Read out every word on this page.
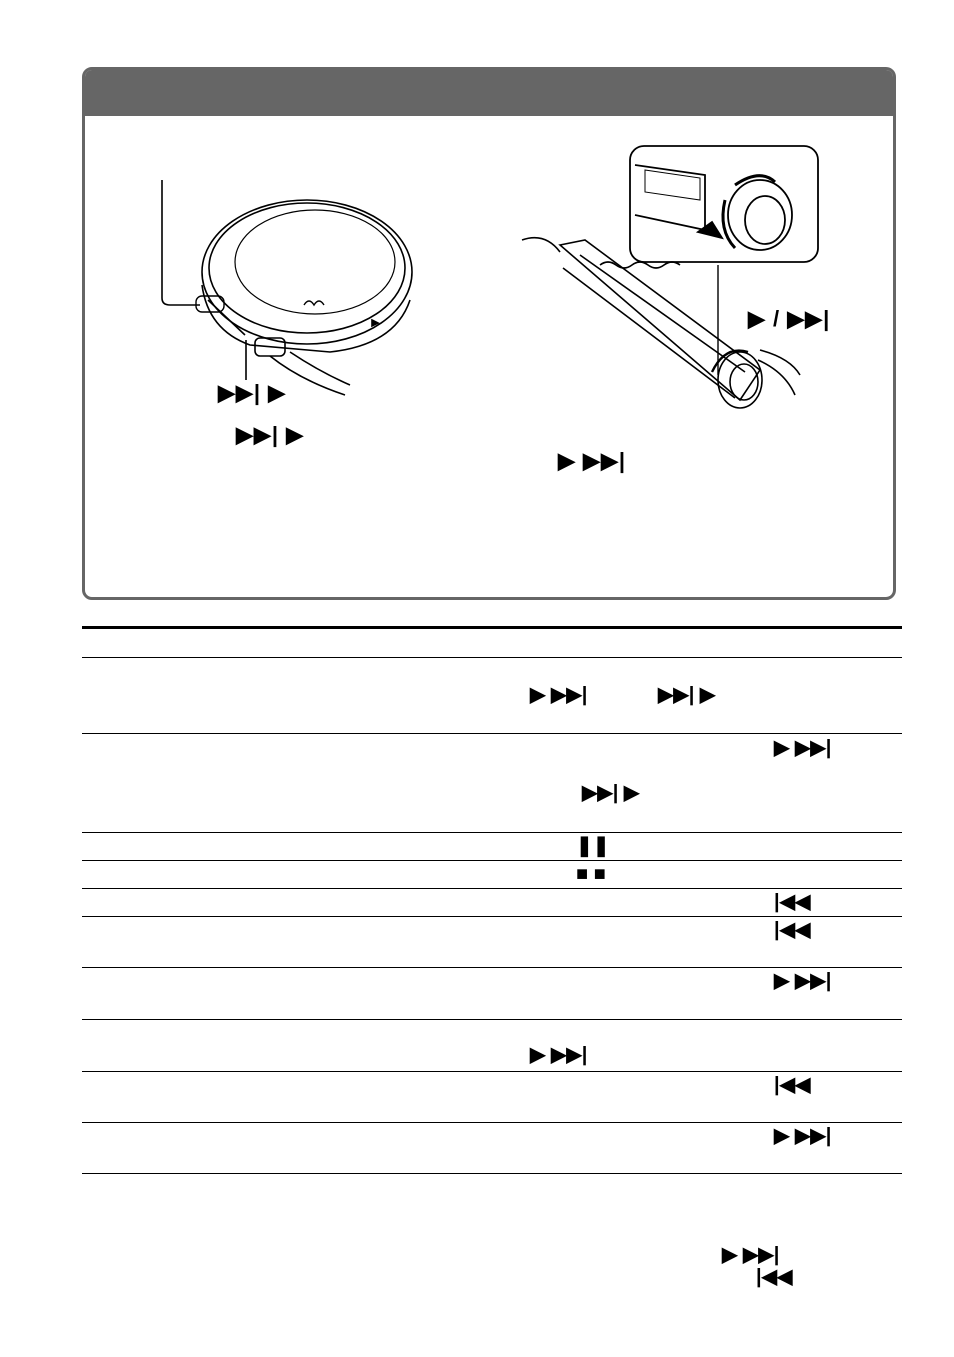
▶▶| ▶
▶▶| ▶
▶ / ▶▶|
▶ ▶▶|
▶ ▶▶|	▶▶| ▶
▶ ▶▶|
▶▶| ▶
❚❚
■ ■
|◀◀
|◀◀
▶ ▶▶|
▶ ▶▶|
|◀◀
▶ ▶▶|
▶ ▶▶|
|◀◀
